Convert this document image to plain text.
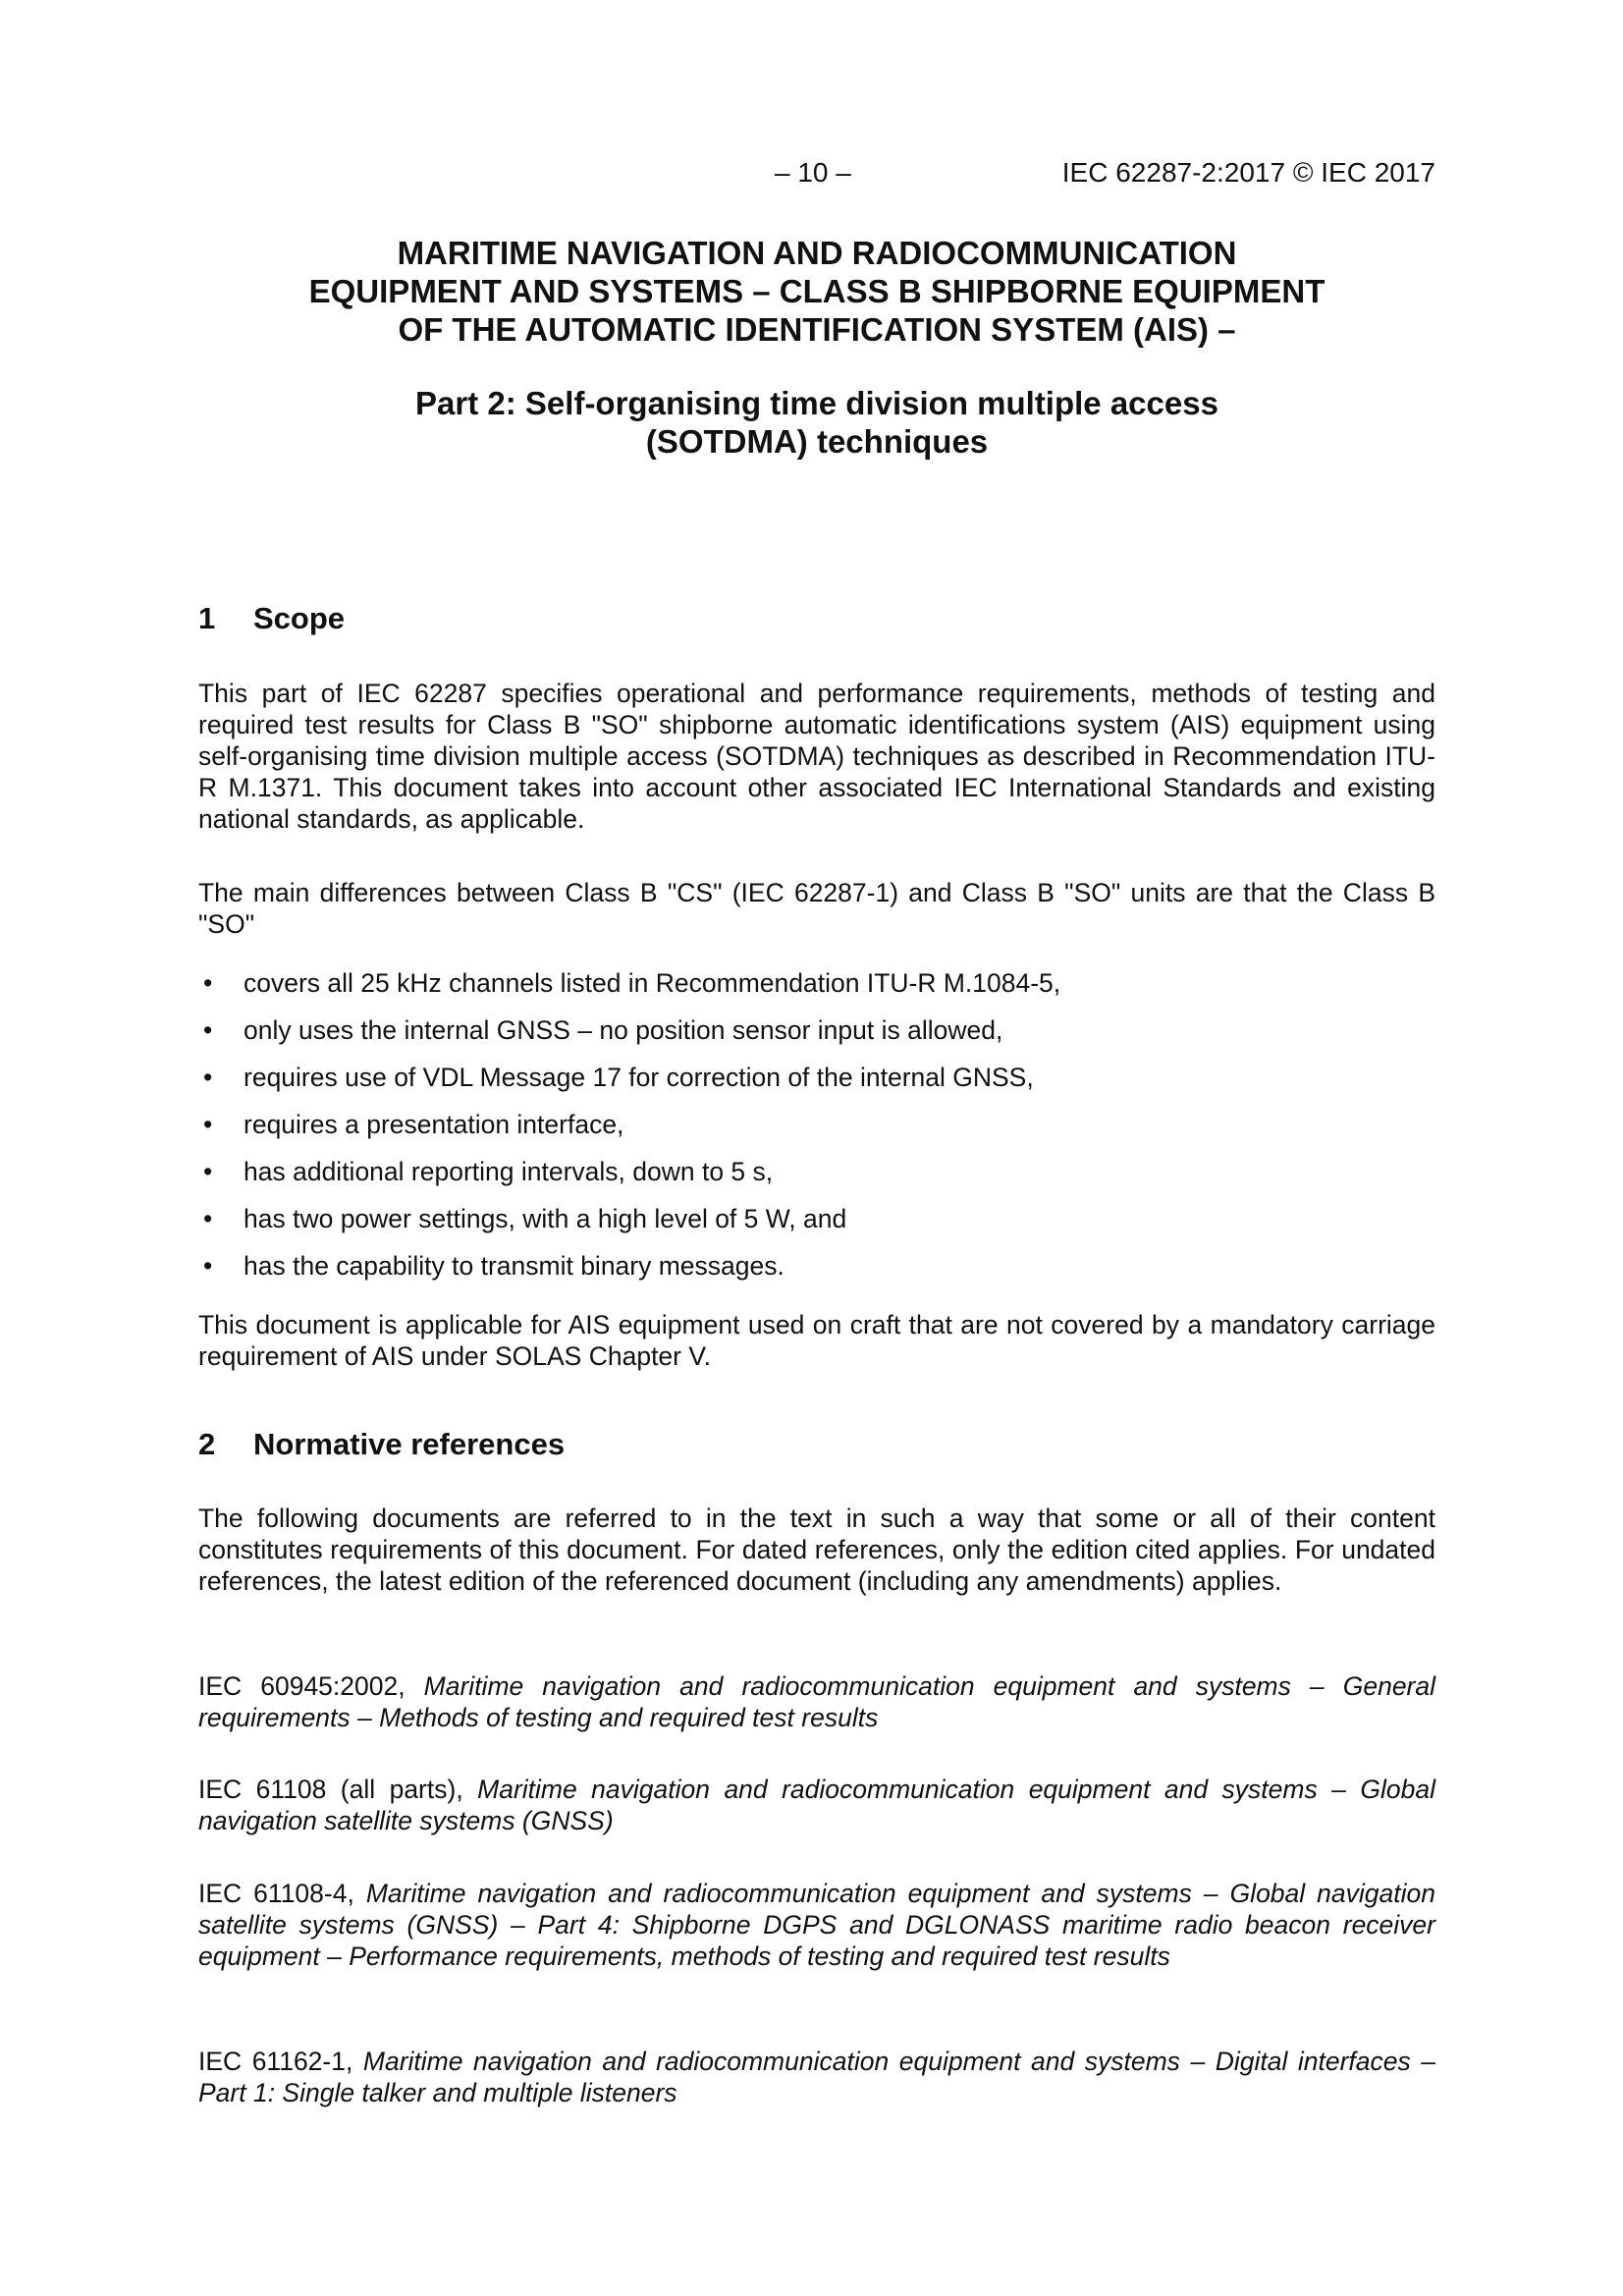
– 10 –	IEC 62287-2:2017 © IEC 2017
MARITIME NAVIGATION AND RADIOCOMMUNICATION
EQUIPMENT AND SYSTEMS – CLASS B SHIPBORNE EQUIPMENT
OF THE AUTOMATIC IDENTIFICATION SYSTEM (AIS) –
Part 2: Self-organising time division multiple access
(SOTDMA) techniques
1 Scope

This part of IEC 62287 specifies operational and performance requirements, methods of testing and required test results for Class B "SO" shipborne automatic identifications system (AIS) equipment using self-organising time division multiple access (SOTDMA) techniques as described in Recommendation ITU-R M.1371. This document takes into account other associated IEC International Standards and existing national standards, as applicable.

The main differences between Class B "CS" (IEC 62287-1) and Class B "SO" units are that the Class B "SO"

• covers all 25 kHz channels listed in Recommendation ITU-R M.1084-5,
• only uses the internal GNSS – no position sensor input is allowed,
• requires use of VDL Message 17 for correction of the internal GNSS,
• requires a presentation interface,
• has additional reporting intervals, down to 5 s,
• has two power settings, with a high level of 5 W, and
• has the capability to transmit binary messages.

This document is applicable for AIS equipment used on craft that are not covered by a mandatory carriage requirement of AIS under SOLAS Chapter V.

2 Normative references

The following documents are referred to in the text in such a way that some or all of their content constitutes requirements of this document. For dated references, only the edition cited applies. For undated references, the latest edition of the referenced document (including any amendments) applies.

IEC 60945:2002, Maritime navigation and radiocommunication equipment and systems – General requirements – Methods of testing and required test results

IEC 61108 (all parts), Maritime navigation and radiocommunication equipment and systems – Global navigation satellite systems (GNSS)

IEC 61108-4, Maritime navigation and radiocommunication equipment and systems – Global navigation satellite systems (GNSS) – Part 4: Shipborne DGPS and DGLONASS maritime radio beacon receiver equipment – Performance requirements, methods of testing and required test results

IEC 61162-1, Maritime navigation and radiocommunication equipment and systems – Digital interfaces – Part 1: Single talker and multiple listeners
